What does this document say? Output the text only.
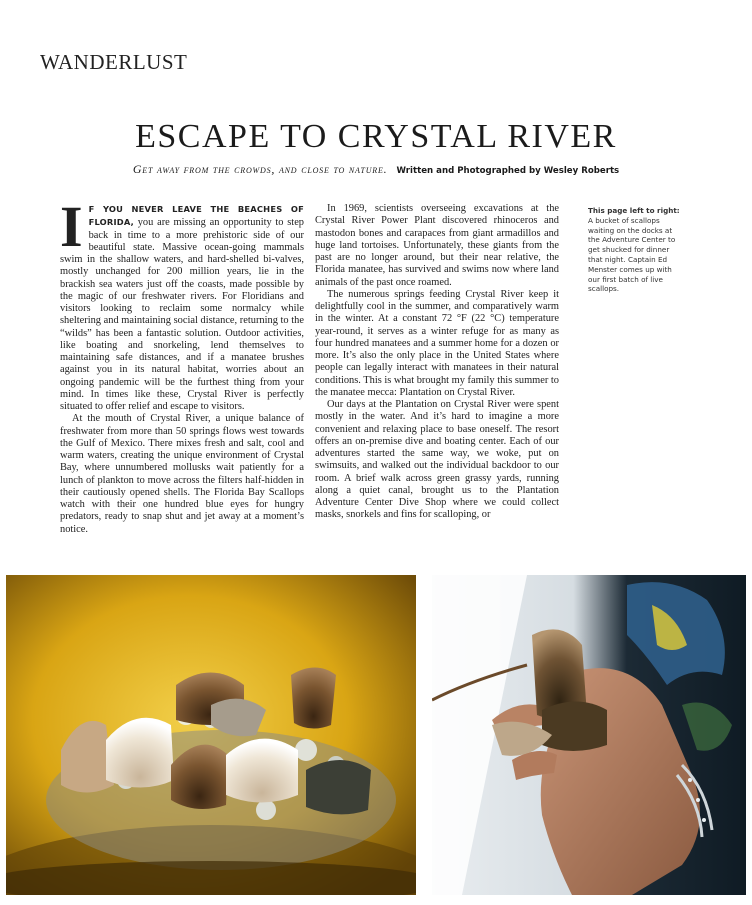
WANDERLUST
ESCAPE TO CRYSTAL RIVER
Get away from the crowds, and close to nature. Written and Photographed by Wesley Roberts

I F YOU NEVER LEAVE THE BEACHES OF FLORIDA, you are missing an opportunity to step back in time to a more prehistoric side of our beautiful state. Massive ocean-going mammals swim in the shallow waters, and hard-shelled bi-valves, mostly unchanged for 200 million years, lie in the brackish sea waters just off the coasts, made possible by the magic of our freshwater rivers. For Floridians and visitors looking to reclaim some normalcy while sheltering and maintaining social distance, returning to the “wilds” has been a fantastic solution. Outdoor activities, like boating and snorkeling, lend themselves to maintaining safe distances, and if a manatee brushes against you in its natural habitat, worries about an ongoing pandemic will be the furthest thing from your mind. In times like these, Crystal River is perfectly situated to offer relief and escape to visitors.

At the mouth of Crystal River, a unique balance of freshwater from more than 50 springs flows west towards the Gulf of Mexico. There mixes fresh and salt, cool and warm waters, creating the unique environment of Crystal Bay, where unnumbered mollusks wait patiently for a lunch of plankton to move across the filters half-hidden in their cautiously opened shells. The Florida Bay Scallops watch with their one hundred blue eyes for hungry predators, ready to snap shut and jet away at a moment’s notice.

In 1969, scientists overseeing excavations at the Crystal River Power Plant discovered rhinoceros and mastodon bones and carapaces from giant armadillos and huge land tortoises. Unfortunately, these giants from the past are no longer around, but their near relative, the Florida manatee, has survived and swims now where land animals of the past once roamed.

The numerous springs feeding Crystal River keep it delightfully cool in the summer, and comparatively warm in the winter. At a constant 72 °F (22 °C) temperature year-round, it serves as a winter refuge for as many as four hundred manatees and a summer home for a dozen or more. It’s also the only place in the United States where people can legally interact with manatees in their natural conditions. This is what brought my family this summer to the manatee mecca: Plantation on Crystal River.

Our days at the Plantation on Crystal River were spent mostly in the water. And it’s hard to imagine a more convenient and relaxing place to base oneself. The resort offers an on-premise dive and boating center. Each of our adventures started the same way, we woke, put on swimsuits, and walked out the individual backdoor to our room. A brief walk across green grassy yards, running along a quiet canal, brought us to the Plantation Adventure Center Dive Shop where we could collect masks, snorkels and fins for scalloping, or

This page left to right: A bucket of scallops waiting on the docks at the Adventure Center to get shucked for dinner that night. Captain Ed Menster comes up with our first batch of live scallops.
